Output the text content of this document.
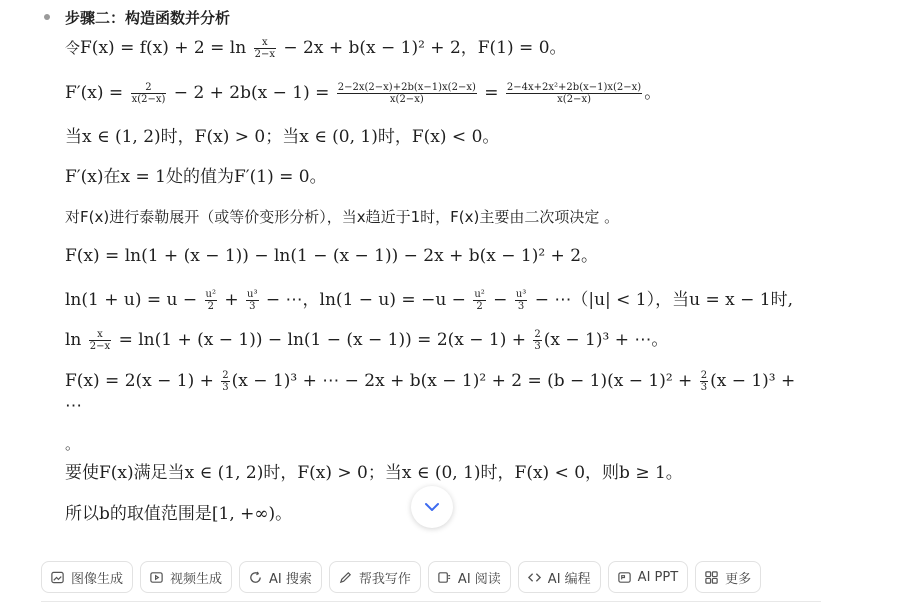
步骤二：构造函数并分析
令$F(x) = f(x) + 2 = \ln \frac{x}{2-x} - 2x + b(x - 1)^2 + 2$，F(1) = 0。
$F'(x) = \frac{2}{x(2-x)} - 2 + 2b(x - 1) = \frac{2-2x(2-x)+2b(x-1)x(2-x)}{x(2-x)} = \frac{\text{2−4x+2x²+2b(x−1)x(2−x)}}{x(2-x)}$ 。
当x ∈ (1, 2)时，F(x) > 0；当x ∈ (0, 1)时，F(x) < 0。
F′(x)在x = 1处的值为F′(1) = 0。
对F(x)进行泰勒展开（或等价变形分析），当x趋近于1时，F(x)主要由二次项决定 。
F(x) = ln(1 + (x − 1)) − ln(1 − (x − 1)) − 2x + b(x − 1)² + 2。
$\ln(1 + u) = u - \frac{\text{u²}}{2} + \frac{\text{u³}}{3}$ − ⋯，$\ln(1 - u) = -u - \frac{\text{u²}}{2} - \frac{\text{u³}}{3}$ − ⋯（|u| < 1），当u = x − 1时,
$\ln \frac{x}{2-x} = \ln(1 + (x - 1)) - \ln(1 - (x - 1)) = 2(x - 1) + \frac{2}{3} (x - 1)^3$ + ⋯。
$F(x) = 2(x - 1) + \frac{2}{3} (x - 1)^3$ + ⋯ − $2x + b(x - 1)^2 + 2 = (b - 1)(x - 1)^2 + \frac{2}{3} (x - 1)^3$ +
⋯
。
要使F(x)满足当x ∈ (1, 2)时，F(x) > 0；当x ∈ (0, 1)时，F(x) < 0，则b ≥ 1。
所以b的取值范围是[1, +∞)。
图像生成	视频生成	AI 搜索	帮我写作	AI 阅读	AI 编程	AI PPT	更多
